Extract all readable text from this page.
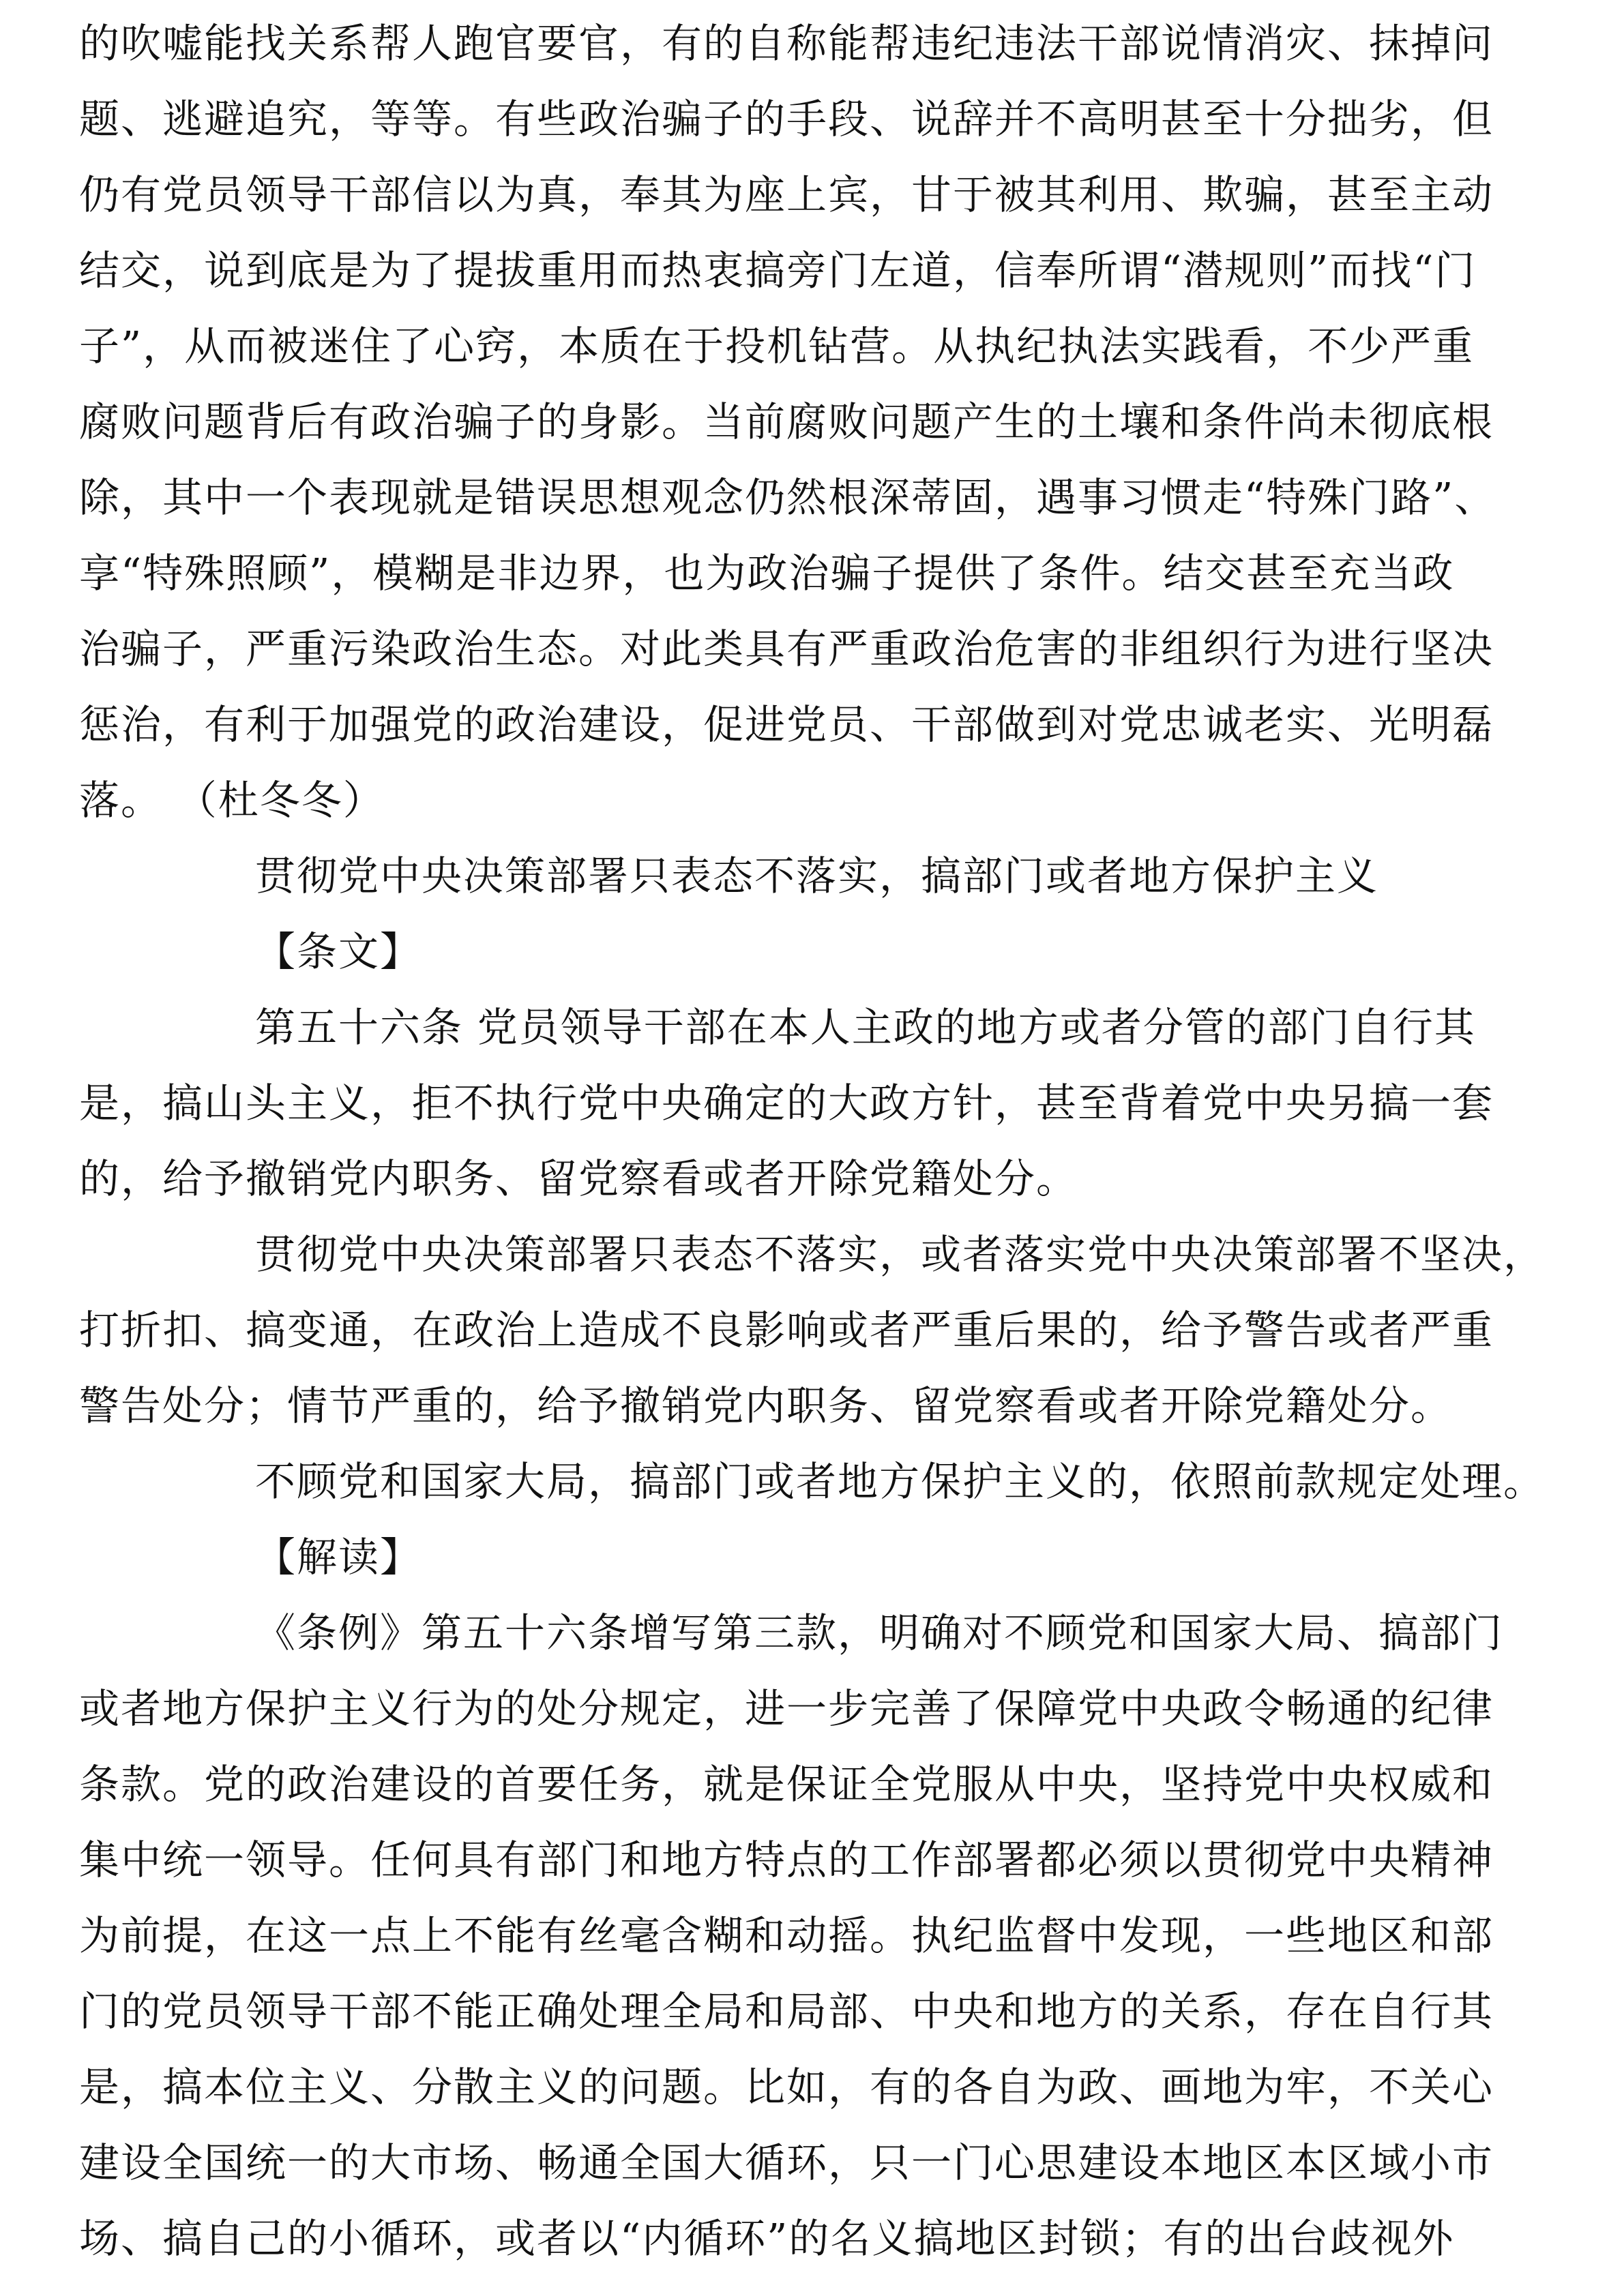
的吹嘘能找关系帮人跑官要官，有的自称能帮违纪违法干部说情消灾、抹掉问
题、逃避追究，等等。有些政治骗子的手段、说辞并不高明甚至十分拙劣，但
仍有党员领导干部信以为真，奉其为座上宾，甘于被其利用、欺骗，甚至主动
结交，说到底是为了提拔重用而热衷搞旁门左道，信奉所谓“潜规则”而找“门
子”，从而被迷住了心窍，本质在于投机钻营。从执纪执法实践看，不少严重
腐败问题背后有政治骗子的身影。当前腐败问题产生的土壤和条件尚未彻底根
除，其中一个表现就是错误思想观念仍然根深蒂固，遇事习惯走“特殊门路”、
享“特殊照顾”，模糊是非边界，也为政治骗子提供了条件。结交甚至充当政
治骗子，严重污染政治生态。对此类具有严重政治危害的非组织行为进行坚决
惩治，有利于加强党的政治建设，促进党员、干部做到对党忠诚老实、光明磊
落。 （杜冬冬）
贯彻党中央决策部署只表态不落实，搞部门或者地方保护主义
【条文】
第五十六条 党员领导干部在本人主政的地方或者分管的部门自行其
是，搞山头主义，拒不执行党中央确定的大政方针，甚至背着党中央另搞一套
的，给予撤销党内职务、留党察看或者开除党籍处分。
贯彻党中央决策部署只表态不落实，或者落实党中央决策部署不坚决，
打折扣、搞变通，在政治上造成不良影响或者严重后果的，给予警告或者严重
警告处分；情节严重的，给予撤销党内职务、留党察看或者开除党籍处分。
不顾党和国家大局，搞部门或者地方保护主义的，依照前款规定处理。
【解读】
《条例》第五十六条增写第三款，明确对不顾党和国家大局、搞部门
或者地方保护主义行为的处分规定，进一步完善了保障党中央政令畅通的纪律
条款。党的政治建设的首要任务，就是保证全党服从中央，坚持党中央权威和
集中统一领导。任何具有部门和地方特点的工作部署都必须以贯彻党中央精神
为前提，在这一点上不能有丝毫含糊和动摇。执纪监督中发现，一些地区和部
门的党员领导干部不能正确处理全局和局部、中央和地方的关系，存在自行其
是，搞本位主义、分散主义的问题。比如，有的各自为政、画地为牢，不关心
建设全国统一的大市场、畅通全国大循环，只一门心思建设本地区本区域小市
场、搞自己的小循环，或者以“内循环”的名义搞地区封锁；有的出台歧视外
